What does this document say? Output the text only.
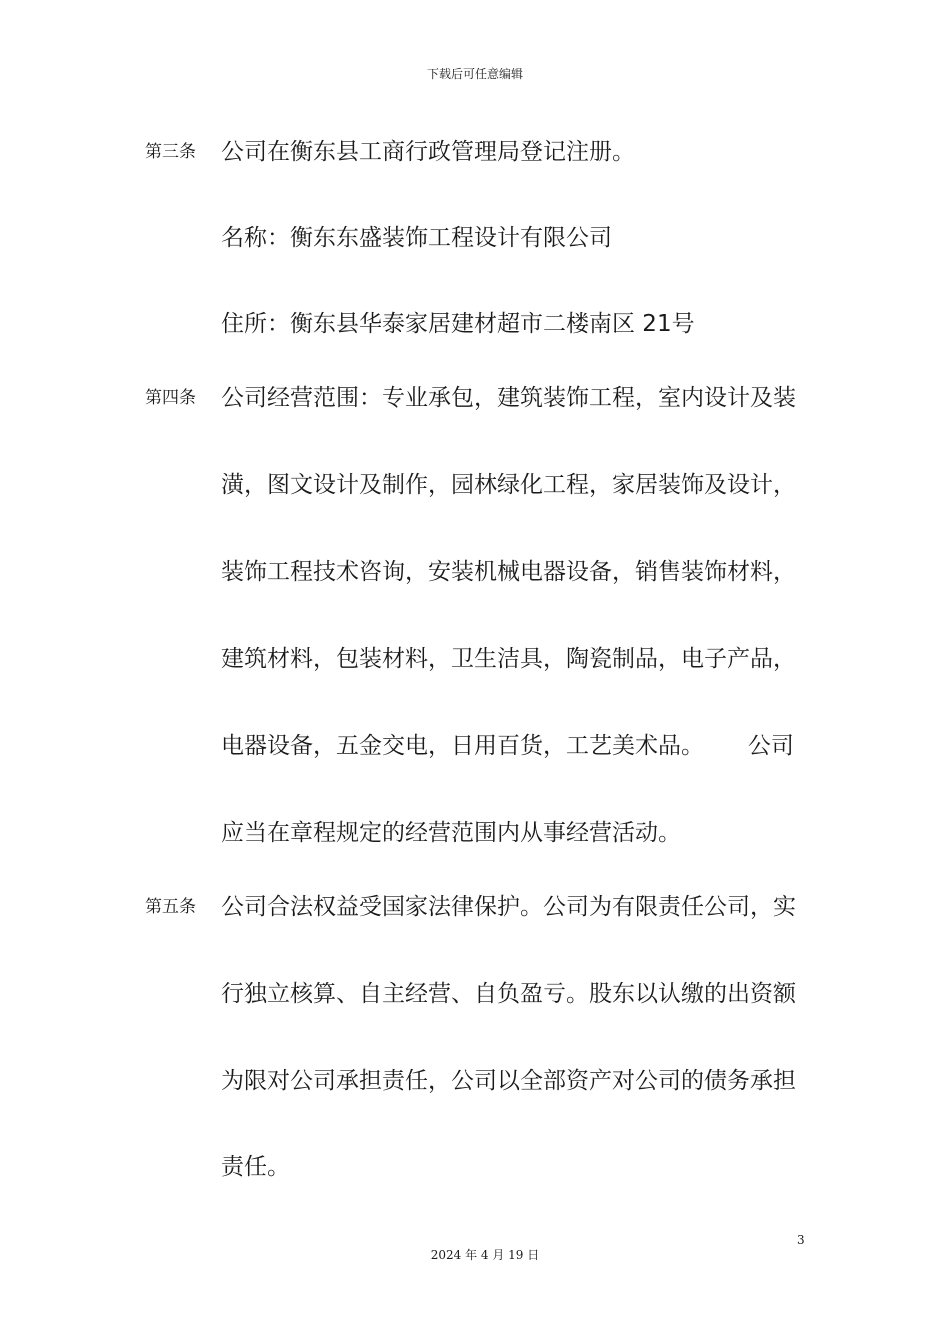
下载后可任意编辑
第三条 公司在衡东县工商行政管理局登记注册。
名称：衡东东盛装饰工程设计有限公司
住所：衡东县华泰家居建材超市二楼南区 21号
第四条 公司经营范围：专业承包，建筑装饰工程，室内设计及装
潢，图文设计及制作，园林绿化工程，家居装饰及设计，
装饰工程技术咨询，安装机械电器设备，销售装饰材料，
建筑材料，包装材料，卫生洁具，陶瓷制品，电子产品，
电器设备，五金交电，日用百货，工艺美术品。      公司
应当在章程规定的经营范围内从事经营活动。
第五条 公司合法权益受国家法律保护。公司为有限责任公司，实
行独立核算、自主经营、自负盈亏。股东以认缴的出资额
为限对公司承担责任，公司以全部资产对公司的债务承担
责任。
3
2024 年 4 月 19 日
